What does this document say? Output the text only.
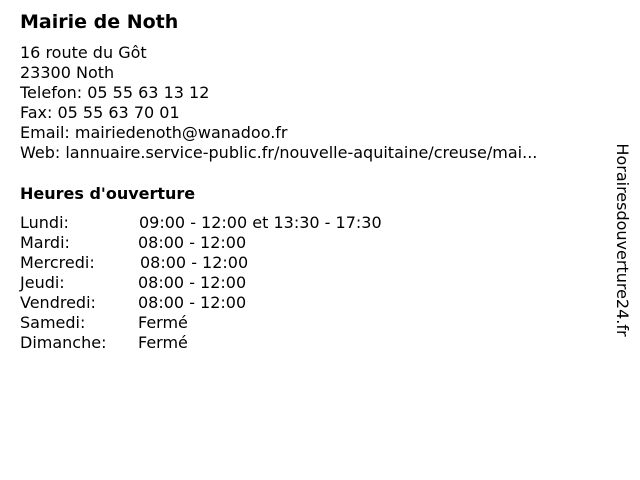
Mairie de Noth
16 route du Gôt
23300 Noth
Telefon: 05 55 63 13 12
Fax: 05 55 63 70 01
Email: mairiedenoth@wanadoo.fr
Web: lannuaire.service-public.fr/nouvelle-aquitaine/creuse/mai...
Heures d'ouverture
Lundi:	09:00 - 12:00 et 13:30 - 17:30
Mardi:	08:00 - 12:00
Mercredi:	08:00 - 12:00
Jeudi:	08:00 - 12:00
Vendredi:	08:00 - 12:00
Samedi:	Fermé
Dimanche: Fermé
Horairesdouverture24.fr
